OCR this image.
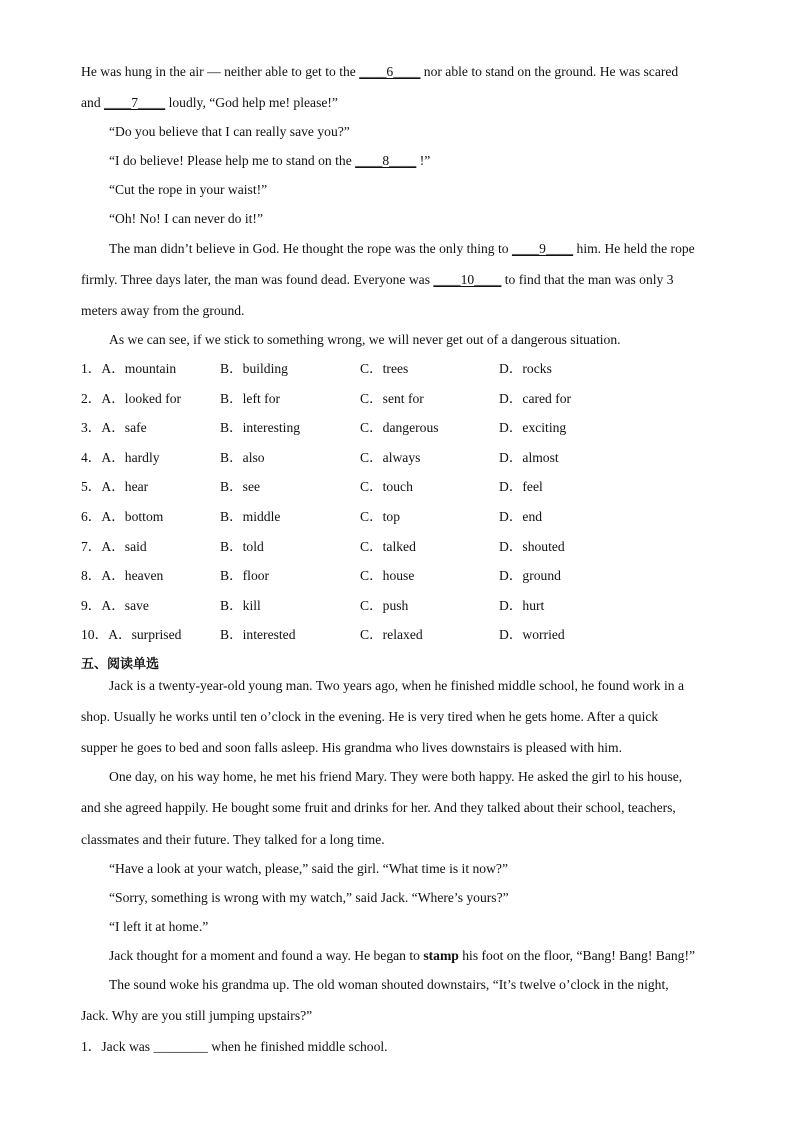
He was hung in the air — neither able to get to the ____6____ nor able to stand on the ground. He was scared
and ____7____ loudly, “God help me! please!”
“Do you believe that I can really save you?”
“I do believe! Please help me to stand on the ____8____ !”
“Cut the rope in your waist!”
“Oh! No! I can never do it!”
The man didn’t believe in God. He thought the rope was the only thing to ____9____ him. He held the rope
firmly. Three days later, the man was found dead. Everyone was ____10____ to find that the man was only 3
meters away from the ground.
As we can see, if we stick to something wrong, we will never get out of a dangerous situation.
1．A．mountain	B．building	C．trees	D．rocks
2．A．looked for	B．left for	C．sent for	D．cared for
3．A．safe	B．interesting	C．dangerous	D．exciting
4．A．hardly	B．also	C．always	D．almost
5．A．hear	B．see	C．touch	D．feel
6．A．bottom	B．middle	C．top	D．end
7．A．said	B．told	C．talked	D．shouted
8．A．heaven	B．floor	C．house	D．ground
9．A．save	B．kill	C．push	D．hurt
10．A．surprised	B．interested	C．relaxed	D．worried
五、阅读单选
Jack is a twenty-year-old young man. Two years ago, when he finished middle school, he found work in a
shop. Usually he works until ten o’clock in the evening. He is very tired when he gets home. After a quick
supper he goes to bed and soon falls asleep. His grandma who lives downstairs is pleased with him.
One day, on his way home, he met his friend Mary. They were both happy. He asked the girl to his house,
and she agreed happily. He bought some fruit and drinks for her. And they talked about their school, teachers,
classmates and their future. They talked for a long time.
“Have a look at your watch, please,” said the girl. “What time is it now?”
“Sorry, something is wrong with my watch,” said Jack. “Where’s yours?”
“I left it at home.”
Jack thought for a moment and found a way. He began to stamp his foot on the floor, “Bang! Bang! Bang!”
The sound woke his grandma up. The old woman shouted downstairs, “It’s twelve o’clock in the night,
Jack. Why are you still jumping upstairs?”
1．Jack was ________ when he finished middle school.
